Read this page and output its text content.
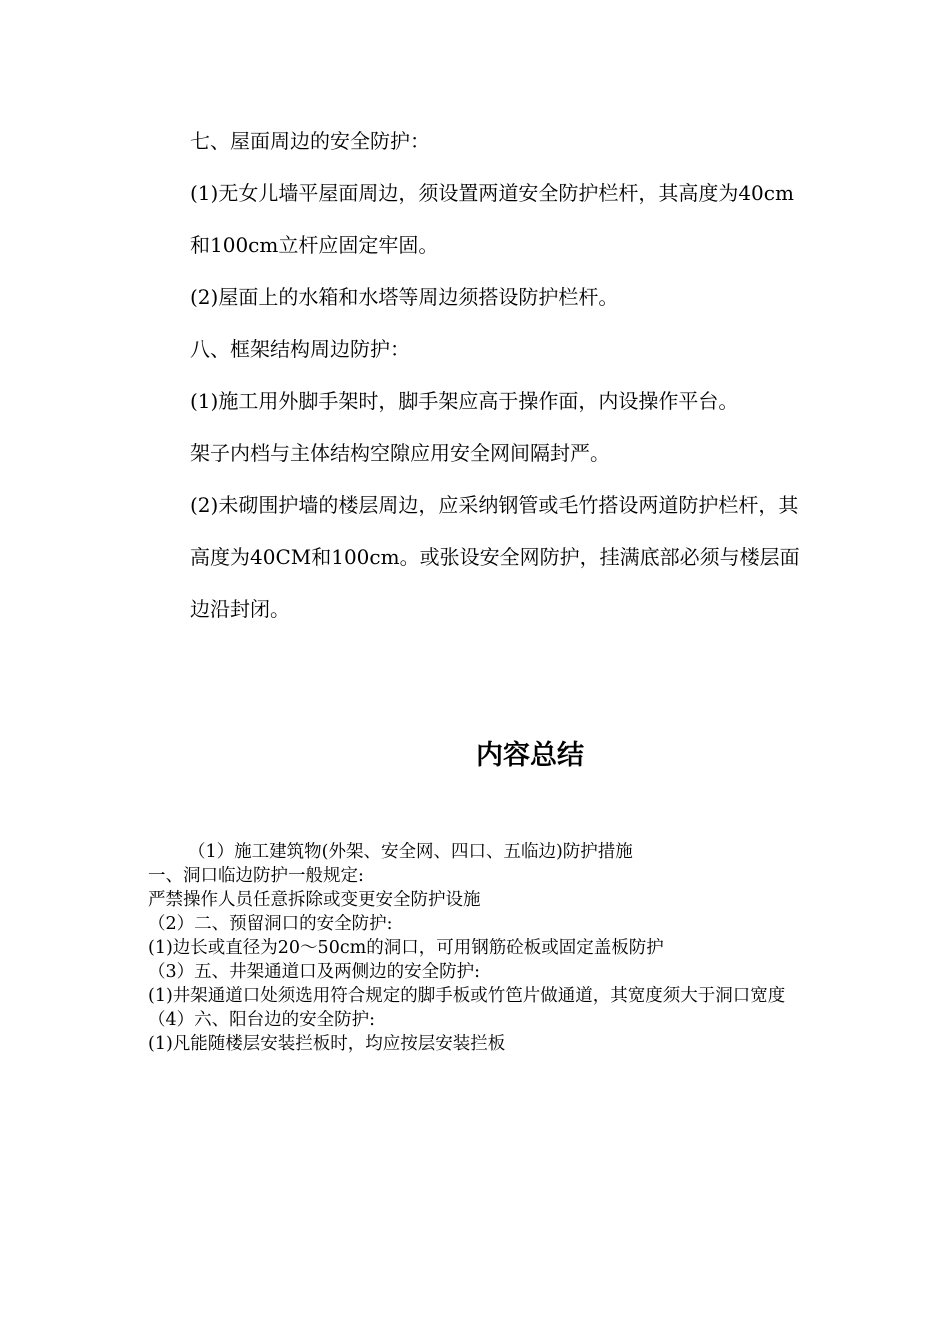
七、屋面周边的安全防护：

(1)无女儿墙平屋面周边，须设置两道安全防护栏杆，其高度为40cm和100cm立杆应固定牢固。

(2)屋面上的水箱和水塔等周边须搭设防护栏杆。

八、框架结构周边防护：

(1)施工用外脚手架时，脚手架应高于操作面，内设操作平台。

架子内档与主体结构空隙应用安全网间隔封严。

(2)未砌围护墙的楼层周边，应采纳钢管或毛竹搭设两道防护栏杆，其高度为40CM和100cm。或张设安全网防护，挂满底部必须与楼层面边沿封闭。

内容总结

（1）施工建筑物(外架、安全网、四口、五临边)防护措施

一、洞口临边防护一般规定:

严禁操作人员任意拆除或变更安全防护设施

（2）二、预留洞口的安全防护:

(1)边长或直径为20～50cm的洞口，可用钢筋砼板或固定盖板防护

（3）五、井架通道口及两侧边的安全防护:

(1)井架通道口处须选用符合规定的脚手板或竹笆片做通道，其宽度须大于洞口宽度

（4）六、阳台边的安全防护:

(1)凡能随楼层安装拦板时，均应按层安装拦板
